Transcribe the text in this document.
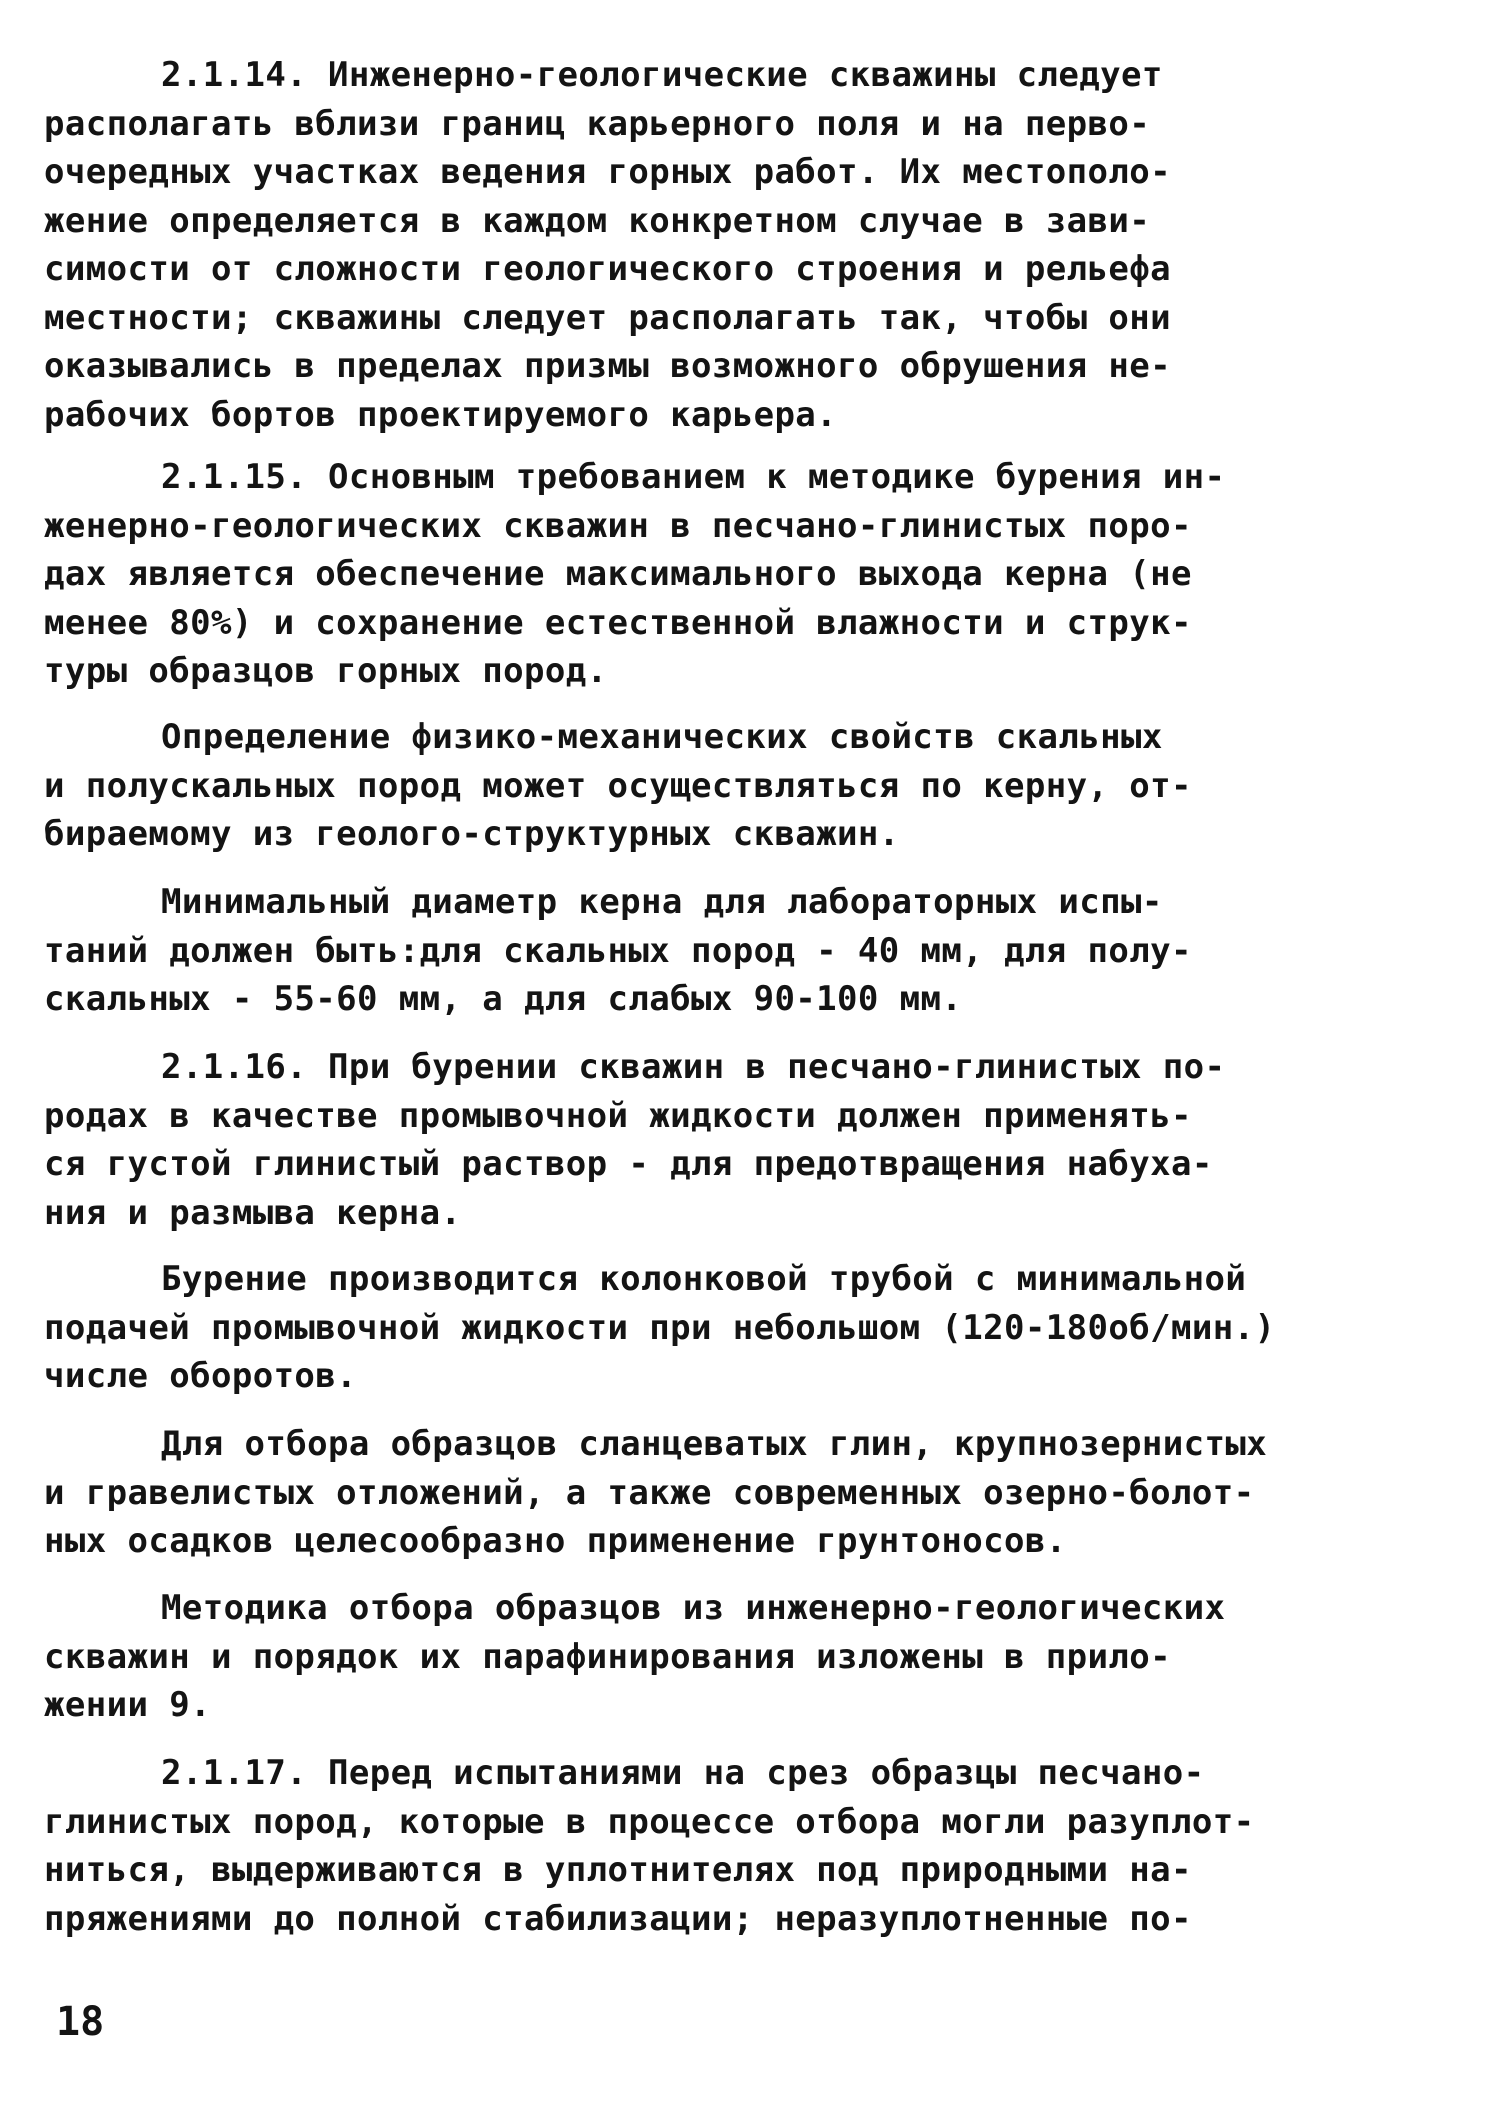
2.1.14. Инженерно-геологические скважины следует
располагать вблизи границ карьерного поля и на перво-
очередных участках ведения горных работ. Их местополо-
жение определяется в каждом конкретном случае в зави-
симости от сложности геологического строения и рельефа
местности; скважины следует располагать так, чтобы они
оказывались в пределах призмы возможного обрушения не-
рабочих бортов проектируемого карьера.
2.1.15. Основным требованием к методике бурения ин-
женерно-геологических скважин в песчано-глинистых поро-
дах является обеспечение максимального выхода керна (не
менее 80%) и сохранение естественной влажности и струк-
туры образцов горных пород.
Определение физико-механических свойств скальных
и полускальных пород может осуществляться по керну, от-
бираемому из геолого-структурных скважин.
Минимальный диаметр керна для лабораторных испы-
таний должен быть:для скальных пород - 40 мм, для полу-
скальных - 55-60 мм, а для слабых 90-100 мм.
2.1.16. При бурении скважин в песчано-глинистых по-
родах в качестве промывочной жидкости должен применять-
ся густой глинистый раствор - для предотвращения набуха-
ния и размыва керна.
Бурение производится колонковой трубой с минимальной
подачей промывочной жидкости при небольшом (120-180об/мин.)
числе оборотов.
Для отбора образцов сланцеватых глин, крупнозернистых
и гравелистых отложений, а также современных озерно-болот-
ных осадков целесообразно применение грунтоносов.
Методика отбора образцов из инженерно-геологических
скважин и порядок их парафинирования изложены в прило-
жении 9.
2.1.17. Перед испытаниями на срез образцы песчано-
глинистых пород, которые в процессе отбора могли разуплот-
ниться, выдерживаются в уплотнителях под природными на-
пряжениями до полной стабилизации; неразуплотненные по-
18
